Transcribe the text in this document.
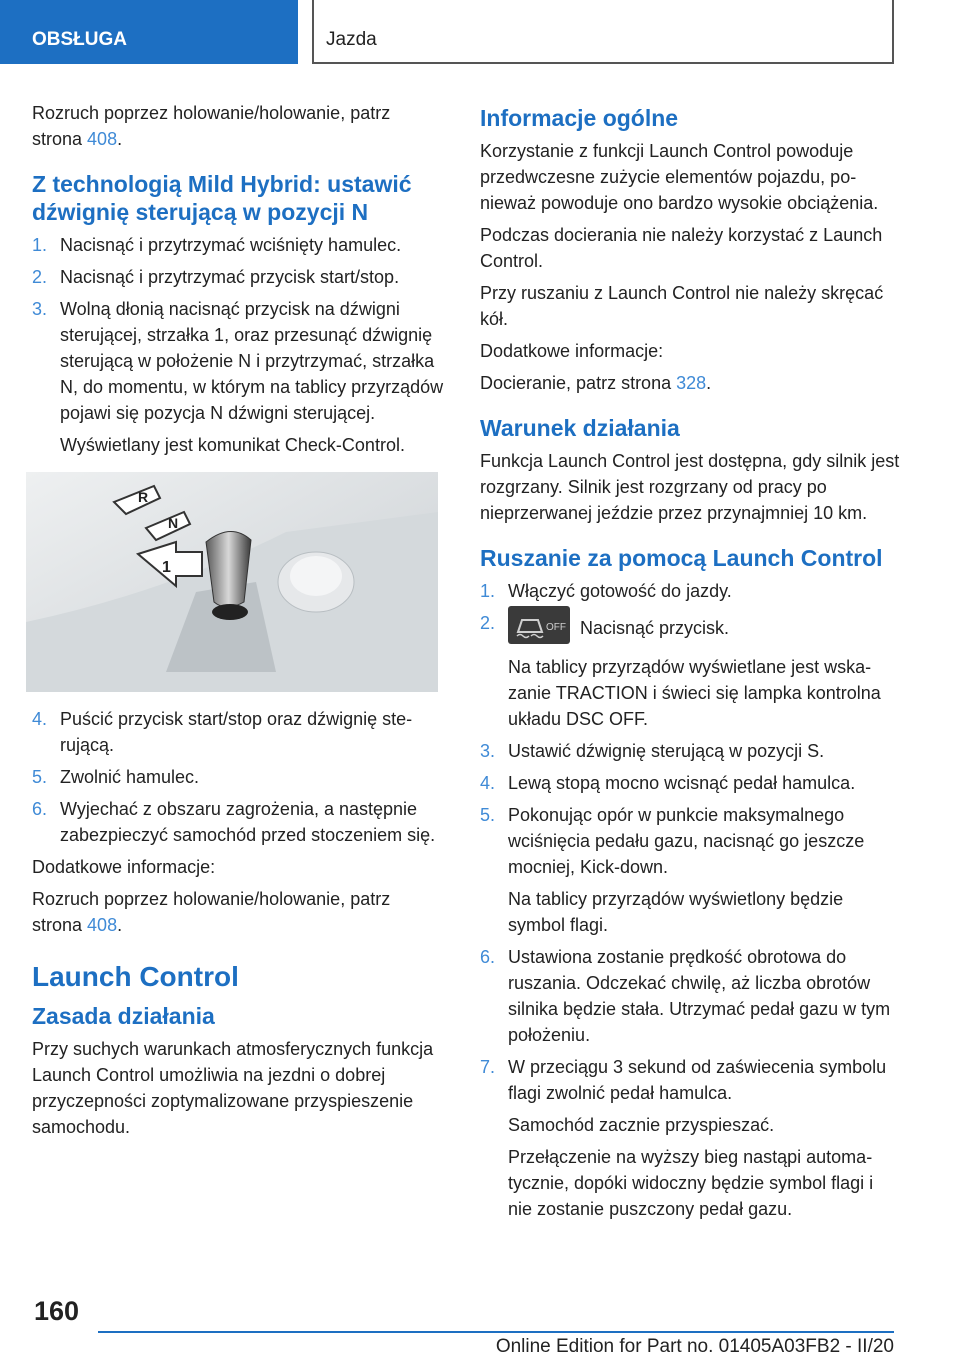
OBSŁUGA	Jazda

Rozruch poprzez holowanie/holowanie, patrz strona 408.

Z technologią Mild Hybrid: ustawić dźwignię sterującą w pozycji N
1. Nacisnąć i przytrzymać wciśnięty hamulec.
2. Nacisnąć i przytrzymać przycisk start/stop.
3. Wolną dłonią nacisnąć przycisk na dźwigni sterującej, strzałka 1, oraz przesunąć dźwignię sterującą w położenie N i przytrzymać, strzałka N, do momentu, w którym na tablicy przyrządów pojawi się pozycja N dźwigni sterującej.
Wyświetlany jest komunikat Check-Control.
R
N
1
4. Puścić przycisk start/stop oraz dźwignię sterującą.
5. Zwolnić hamulec.
6. Wyjechać z obszaru zagrożenia, a następnie zabezpieczyć samochód przed stoczeniem się.

Dodatkowe informacje:

Rozruch poprzez holowanie/holowanie, patrz strona 408.

Launch Control
Zasada działania

Przy suchych warunkach atmosferycznych funkcja Launch Control umożliwia na jezdni o dobrej przyczepności zoptymalizowane przyspieszenie samochodu.

Informacje ogólne

Korzystanie z funkcji Launch Control powoduje przedwczesne zużycie elementów pojazdu, ponieważ powoduje ono bardzo wysokie obciążenia.

Podczas docierania nie należy korzystać z Launch Control.

Przy ruszaniu z Launch Control nie należy skręcać kół.

Dodatkowe informacje:

Docieranie, patrz strona 328.

Warunek działania

Funkcja Launch Control jest dostępna, gdy silnik jest rozgrzany. Silnik jest rozgrzany od pracy po nieprzerwanej jeździe przez przynajmniej 10 km.

Ruszanie za pomocą Launch Control
1. Włączyć gotowość do jazdy.
2.	OFF Nacisnąć przycisk.
Na tablicy przyrządów wyświetlane jest wskazanie TRACTION i świeci się lampka kontrolna układu DSC OFF.
3. Ustawić dźwignię sterującą w pozycji S.
4. Lewą stopą mocno wcisnąć pedał hamulca.
5. Pokonując opór w punkcie maksymalnego wciśnięcia pedału gazu, nacisnąć go jeszcze mocniej, Kick-down.
Na tablicy przyrządów wyświetlony będzie symbol flagi.
6. Ustawiona zostanie prędkość obrotowa do ruszania. Odczekać chwilę, aż liczba obrotów silnika będzie stała. Utrzymać pedał gazu w tym położeniu.
7. W przeciągu 3 sekund od zaświecenia symbolu flagi zwolnić pedał hamulca.
Samochód zacznie przyspieszać.
Przełączenie na wyższy bieg nastąpi automatycznie, dopóki widoczny będzie symbol flagi i nie zostanie puszczony pedał gazu.
160
Online Edition for Part no. 01405A03FB2 - II/20
